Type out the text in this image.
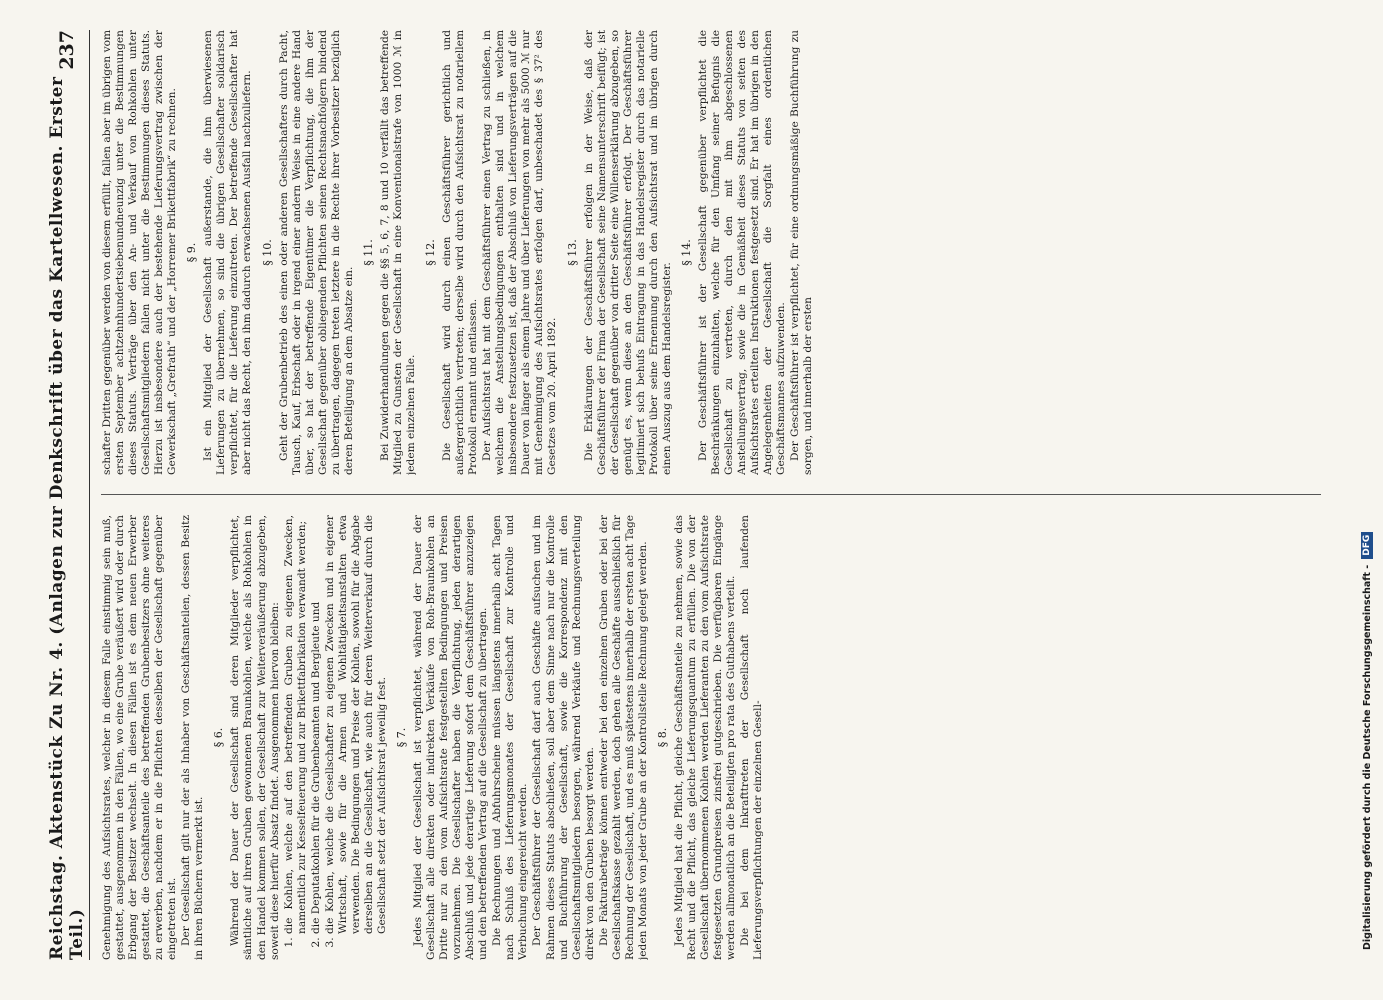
Reichstag. Aktenstück Zu Nr. 4. (Anlagen zur Denkschrift über das Kartellwesen. Erster Teil.)
237

Genehmigung des Aufsichtsrates, welcher in diesem Falle einstimmig sein muß, gestattet, ausgenommen in den Fällen, wo eine Grube veräußert wird oder durch Erbgang der Besitzer wechselt. In diesen Fällen ist es dem neuen Erwerber gestattet, die Geschäftsanteile des betreffenden Grubenbesitzers ohne weiteres zu erwerben, nachdem er in die Pflichten desselben der Gesellschaft gegenüber eingetreten ist. Der Gesellschaft gilt nur der als Inhaber von Geschäftsanteilen, dessen Besitz in ihren Büchern vermerkt ist.

§ 6. Während der Dauer der Gesellschaft sind deren Mitglieder verpflichtet, sämtliche auf ihren Gruben gewonnenen Braunkohlen, welche als Rohkohlen in den Handel kommen sollen, der Gesellschaft zur Weiterveräußerung abzugeben, soweit diese hierfür Absatz findet. Ausgenommen hiervon bleiben: 1. die Kohlen, welche auf den betreffenden Gruben zu eigenen Zwecken, namentlich zur Kesselfeuerung und zur Brikettfabrikation verwandt werden; 2. die Deputatkohlen für die Grubenbeamten und Bergleute und 3. die Kohlen, welche die Gesellschafter zu eigenen Zwecken und in eigener Wirtschaft, sowie für die Armen und Wohltätigkeitsanstalten etwa verwenden. Die Bedingungen und Preise der Kohlen, sowohl für die Abgabe derselben an die Gesellschaft, wie auch für deren Weiterverkauf durch die Gesellschaft setzt der Aufsichtsrat jeweilig fest. § 7. Jedes Mitglied der Gesellschaft ist verpflichtet, während der Dauer der Gesellschaft alle direkten oder indirekten Verkäufe von Roh-Braunkohlen an Dritte nur zu den vom Aufsichtsrate festgestellten Bedingungen und Preisen vorzunehmen. Die Gesellschafter haben die Verpflichtung, jeden derartigen Abschluß und jede derartige Lieferung sofort dem Geschäftsführer anzuzeigen und den betreffenden Vertrag auf die Gesellschaft zu übertragen. Die Rechnungen und Abfuhrscheine müssen längstens innerhalb acht Tagen nach Schluß des Lieferungsmonates der Gesellschaft zur Kontrolle und Verbuchung eingereicht werden. Der Geschäftsführer der Gesellschaft darf auch Geschäfte aufsuchen und im Rahmen dieses Statuts abschließen, soll aber dem Sinne nach nur die Kontrolle und Buchführung der Gesellschaft, sowie die Korrespondenz mit den Gesellschaftsmitgliedern besorgen, während Verkäufe und Rechnungsverteilung direkt von den Gruben besorgt werden. Die Fakturabeträge können entweder bei den einzelnen Gruben oder bei der Gesellschaftskasse gezahlt werden, doch gehen alle Geschäfte ausschließlich für Rechnung der Gesellschaft, und es muß spätestens innerhalb der ersten acht Tage jeden Monats von jeder Grube an der Kontrollstelle Rechnung gelegt werden. § 8. Jedes Mitglied hat die Pflicht, gleiche Geschäftsanteile zu nehmen, sowie das Recht und die Pflicht, das gleiche Lieferungsquantum zu erfüllen. Die von der Gesellschaft übernommenen Kohlen werden Lieferanten zu den vom Aufsichtsrate festgesetzten Grundpreisen zinsfrei gutgeschrieben. Die verfügbaren Eingänge werden allmonatlich an die Beteiligten pro rata des Guthabens verteilt. Die bei dem Inkrafttreten der Gesellschaft noch laufenden Lieferungsverpflichtungen der einzelnen Gesell-

schafter Dritten gegenüber werden von diesem erfüllt, fallen aber im übrigen vom ersten September achtzehnhundertsiebenundneunzig unter die Bestimmungen dieses Statuts. Verträge über den An- und Verkauf von Rohkohlen unter Gesellschaftsmitgliedern fallen nicht unter die Bestimmungen dieses Statuts. Hierzu ist insbesondere auch der bestehende Lieferungsvertrag zwischen der Gewerkschaft „Grefrath“ und der „Horremer Brikettfabrik“ zu rechnen. § 9. Ist ein Mitglied der Gesellschaft außerstande, die ihm überwiesenen Lieferungen zu übernehmen, so sind die übrigen Gesellschafter solidarisch verpflichtet, für die Lieferung einzutreten. Der betreffende Gesellschafter hat aber nicht das Recht, den ihm dadurch erwachsenen Ausfall nachzuliefern. § 10. Geht der Grubenbetrieb des einen oder anderen Gesellschafters durch Pacht, Tausch, Kauf, Erbschaft oder in irgend einer andern Weise in eine andere Hand über, so hat der betreffende Eigentümer die Verpflichtung, die ihm der Gesellschaft gegenüber obliegenden Pflichten seinen Rechtsnachfolgern bindend zu übertragen, dagegen treten letztere in die Rechte ihrer Vorbesitzer bezüglich deren Beteiligung an dem Absatze ein.

§ 11. Bei Zuwiderhandlungen gegen die §§ 5, 6, 7, 8 und 10 verfällt das betreffende Mitglied zu Gunsten der Gesellschaft in eine Konventionalstrafe von 1000 ℳ in jedem einzelnen Falle.

§ 12. Die Gesellschaft wird durch einen Geschäftsführer gerichtlich und außergerichtlich vertreten; derselbe wird durch den Aufsichtsrat zu notariellem Protokoll ernannt und entlassen. Der Aufsichtsrat hat mit dem Geschäftsführer einen Vertrag zu schließen, in welchem die Anstellungsbedingungen enthalten sind und in welchem insbesondere festzusetzen ist, daß der Abschluß von Lieferungsverträgen auf die Dauer von länger als einem Jahre und über Lieferungen von mehr als 5000 ℳ nur mit Genehmigung des Aufsichtsrates erfolgen darf, unbeschadet des § 37² des Gesetzes vom 20. April 1892.

§ 13. Die Erklärungen der Geschäftsführer erfolgen in der Weise, daß der Geschäftsführer der Firma der Gesellschaft seine Namensunterschrift beifügt; ist der Gesellschaft gegenüber von dritter Seite eine Willenserklärung abzugeben, so genügt es, wenn diese an den Geschäftsführer erfolgt. Der Geschäftsführer legitimiert sich behufs Eintragung in das Handelsregister durch das notarielle Protokoll über seine Ernennung durch den Aufsichtsrat und im übrigen durch einen Auszug aus dem Handelsregister.

§ 14. Der Geschäftsführer ist der Gesellschaft gegenüber verpflichtet die Beschränkungen einzuhalten, welche für den Umfang seiner Befugnis die Gesellschaft zu vertreten, durch den mit ihm abgeschlossenen Anstellungsvertrag, sowie die in Gemäßheit dieses Statuts von seiten des Aufsichtsrates erteilten Instruktionen festgesetzt sind. Er hat im übrigen in den Angelegenheiten der Gesellschaft die Sorgfalt eines ordentlichen Geschäftsmannes aufzuwenden. Der Geschäftsführer ist verpflichtet, für eine ordnungsmäßige Buchführung zu sorgen, und innerhalb der ersten

Digitalisierung gefördert durch die Deutsche Forschungsgemeinschaft -
DFG
